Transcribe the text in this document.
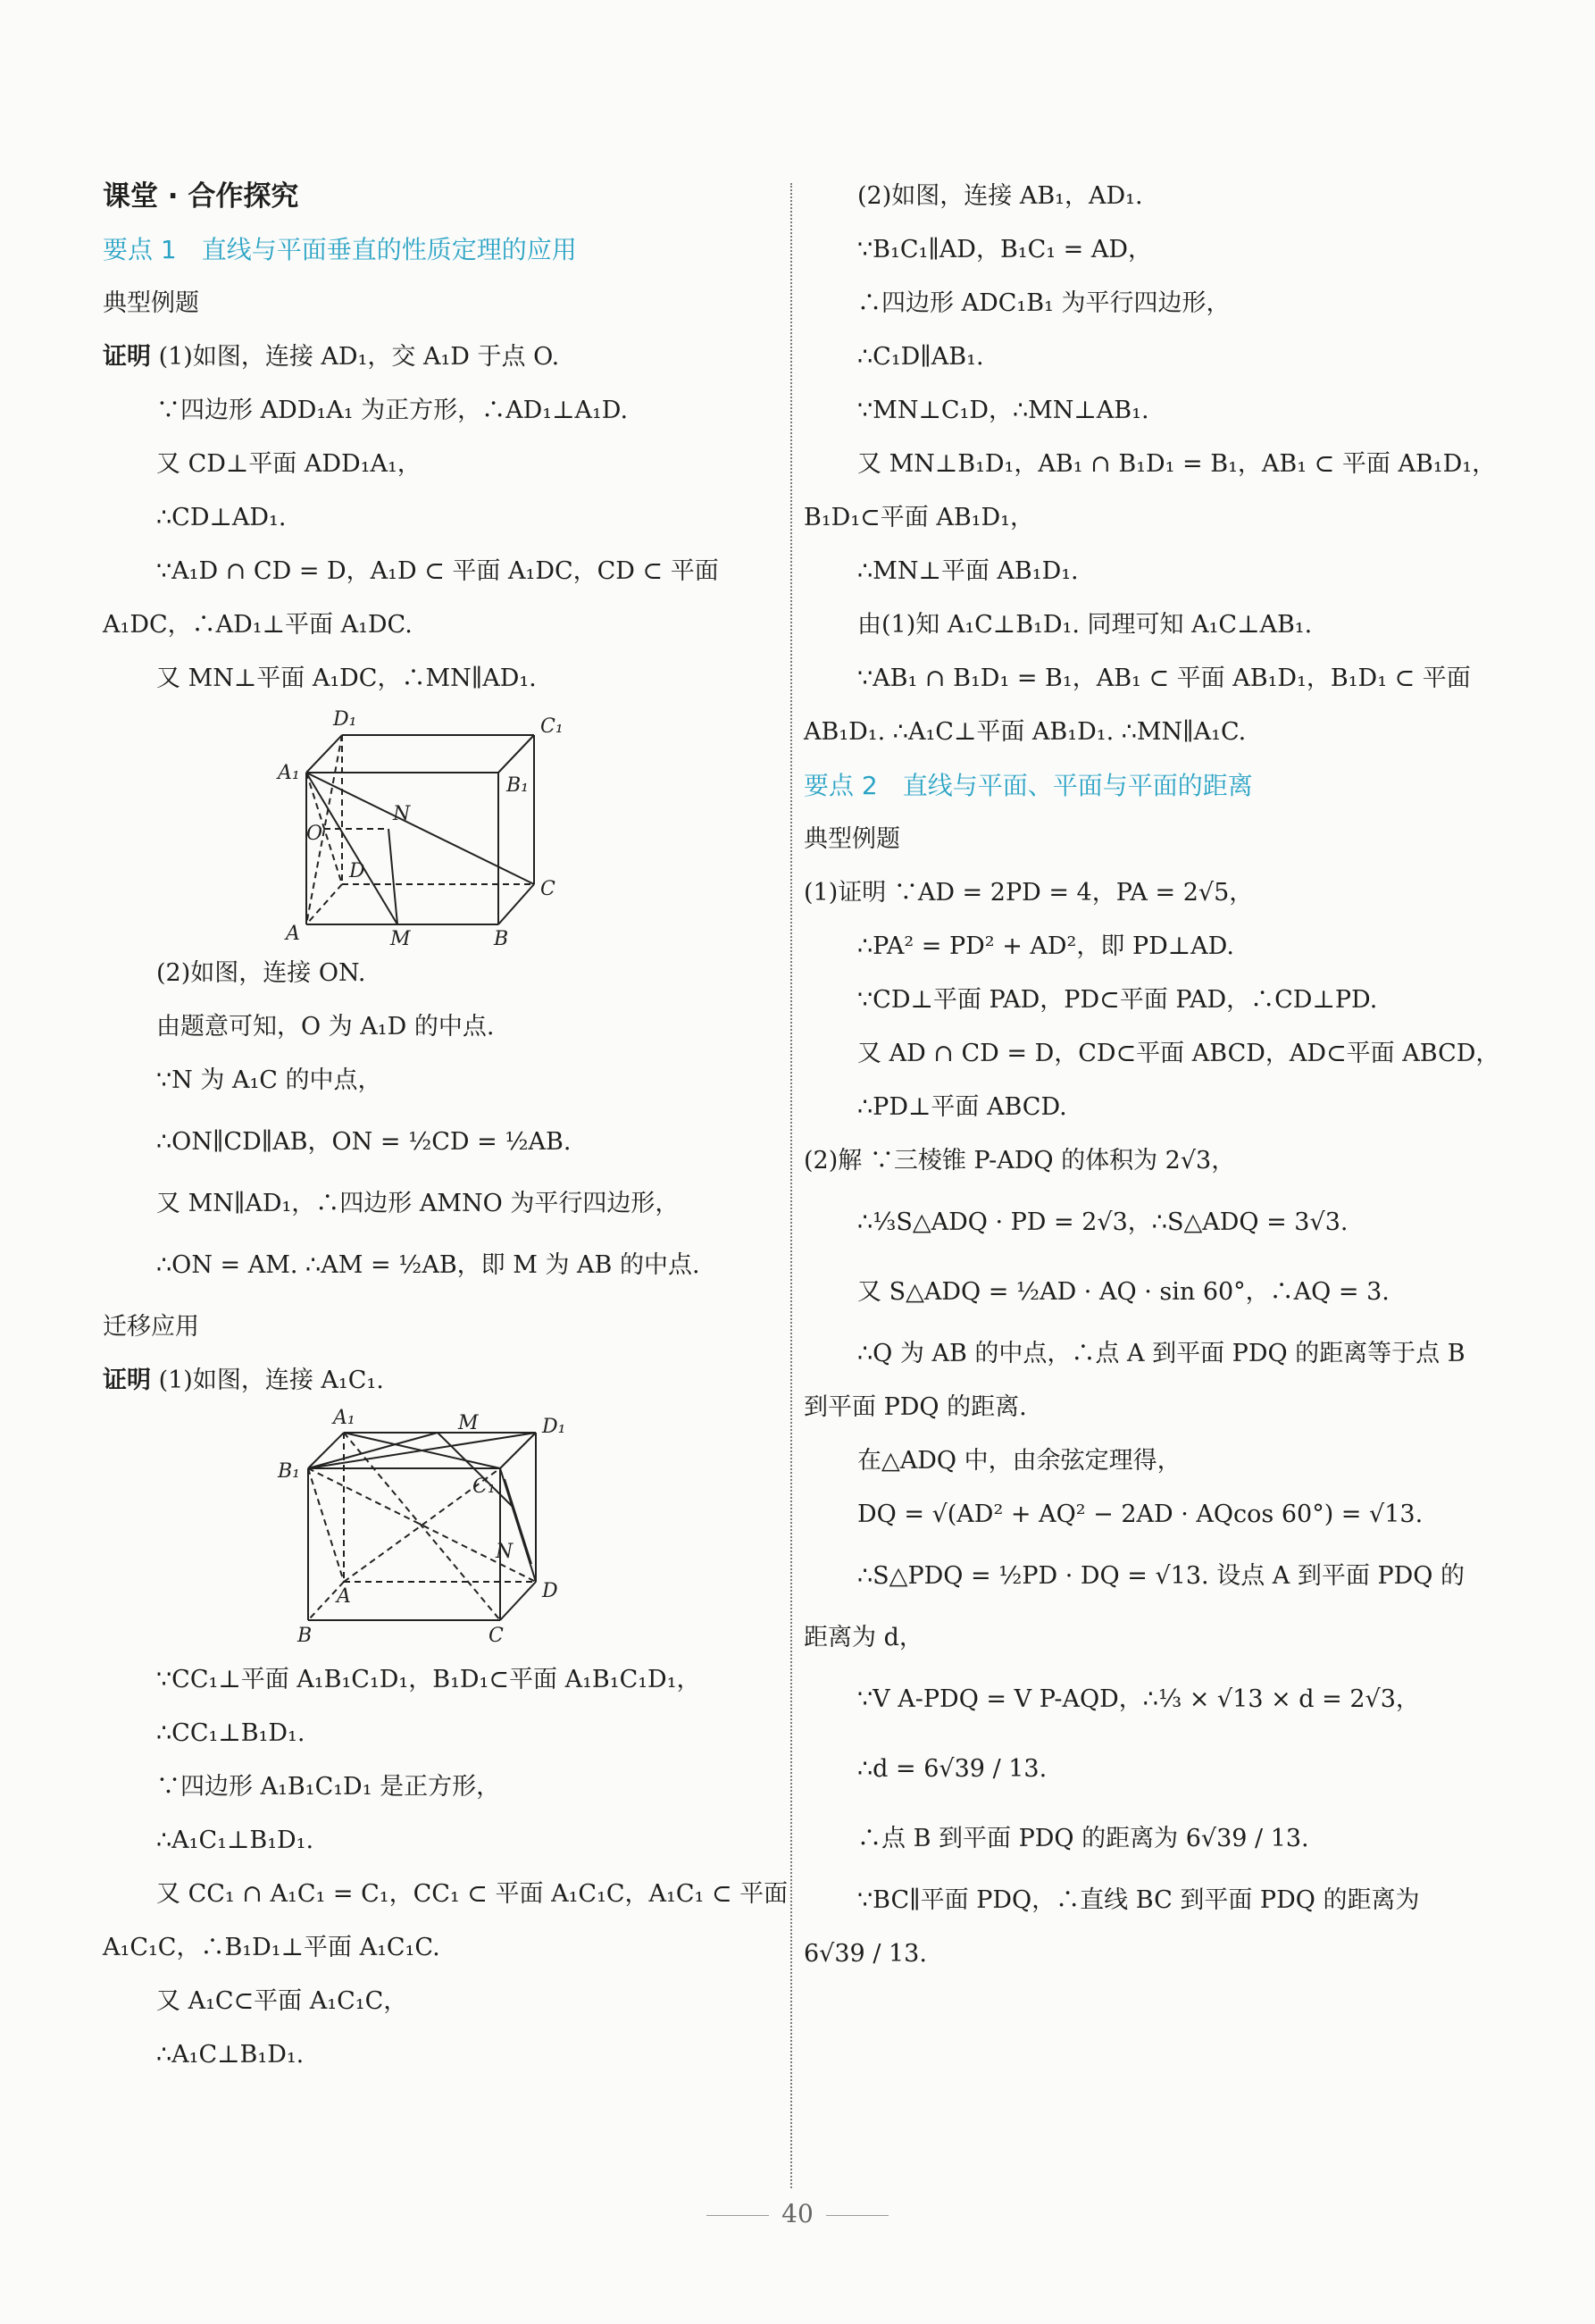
课堂 · 合作探究
要点 1　直线与平面垂直的性质定理的应用
典型例题
证明 (1)如图，连接 AD₁，交 A₁D 于点 O.
∵四边形 ADD₁A₁ 为正方形，∴AD₁⊥A₁D.
又 CD⊥平面 ADD₁A₁，
∴CD⊥AD₁.
∵A₁D ∩ CD = D，A₁D ⊂ 平面 A₁DC，CD ⊂ 平面
A₁DC，∴AD₁⊥平面 A₁DC.
又 MN⊥平面 A₁DC，∴MN∥AD₁.
D₁	C₁
A₁
B₁
N
O
D
C
A	M	B
(2)如图，连接 ON.
由题意可知，O 为 A₁D 的中点.
∵N 为 A₁C 的中点，
∴ON∥CD∥AB，ON = ½CD = ½AB.
又 MN∥AD₁，∴四边形 AMNO 为平行四边形，
∴ON = AM. ∴AM = ½AB，即 M 为 AB 的中点.
迁移应用
证明 (1)如图，连接 A₁C₁.
A₁	M	D₁
B₁
C₁
N
A	D
B	C
∵CC₁⊥平面 A₁B₁C₁D₁，B₁D₁⊂平面 A₁B₁C₁D₁，
∴CC₁⊥B₁D₁.
∵四边形 A₁B₁C₁D₁ 是正方形，
∴A₁C₁⊥B₁D₁.
又 CC₁ ∩ A₁C₁ = C₁，CC₁ ⊂ 平面 A₁C₁C，A₁C₁ ⊂ 平面
A₁C₁C，∴B₁D₁⊥平面 A₁C₁C.
又 A₁C⊂平面 A₁C₁C，
∴A₁C⊥B₁D₁.
(2)如图，连接 AB₁，AD₁.
∵B₁C₁∥AD，B₁C₁ = AD，
∴四边形 ADC₁B₁ 为平行四边形，
∴C₁D∥AB₁.
∵MN⊥C₁D，∴MN⊥AB₁.
又 MN⊥B₁D₁，AB₁ ∩ B₁D₁ = B₁，AB₁ ⊂ 平面 AB₁D₁，
B₁D₁⊂平面 AB₁D₁，
∴MN⊥平面 AB₁D₁.
由(1)知 A₁C⊥B₁D₁. 同理可知 A₁C⊥AB₁.
∵AB₁ ∩ B₁D₁ = B₁，AB₁ ⊂ 平面 AB₁D₁，B₁D₁ ⊂ 平面
AB₁D₁. ∴A₁C⊥平面 AB₁D₁. ∴MN∥A₁C.
要点 2　直线与平面、平面与平面的距离
典型例题
(1)证明 ∵AD = 2PD = 4，PA = 2√5，
∴PA² = PD² + AD²，即 PD⊥AD.
∵CD⊥平面 PAD，PD⊂平面 PAD，∴CD⊥PD.
又 AD ∩ CD = D，CD⊂平面 ABCD，AD⊂平面 ABCD，
∴PD⊥平面 ABCD.
(2)解 ∵三棱锥 P-ADQ 的体积为 2√3，
∴⅓S△ADQ · PD = 2√3，∴S△ADQ = 3√3.
又 S△ADQ = ½AD · AQ · sin 60°，∴AQ = 3.
∴Q 为 AB 的中点，∴点 A 到平面 PDQ 的距离等于点 B
到平面 PDQ 的距离.
在△ADQ 中，由余弦定理得，
DQ = √(AD² + AQ² − 2AD · AQcos 60°) = √13.
∴S△PDQ = ½PD · DQ = √13. 设点 A 到平面 PDQ 的
距离为 d，
∵V A-PDQ = V P-AQD，∴⅓ × √13 × d = 2√3，
∴d = 6√39 / 13.
∴点 B 到平面 PDQ 的距离为 6√39 / 13.
∵BC∥平面 PDQ，∴直线 BC 到平面 PDQ 的距离为
6√39 / 13.
40
